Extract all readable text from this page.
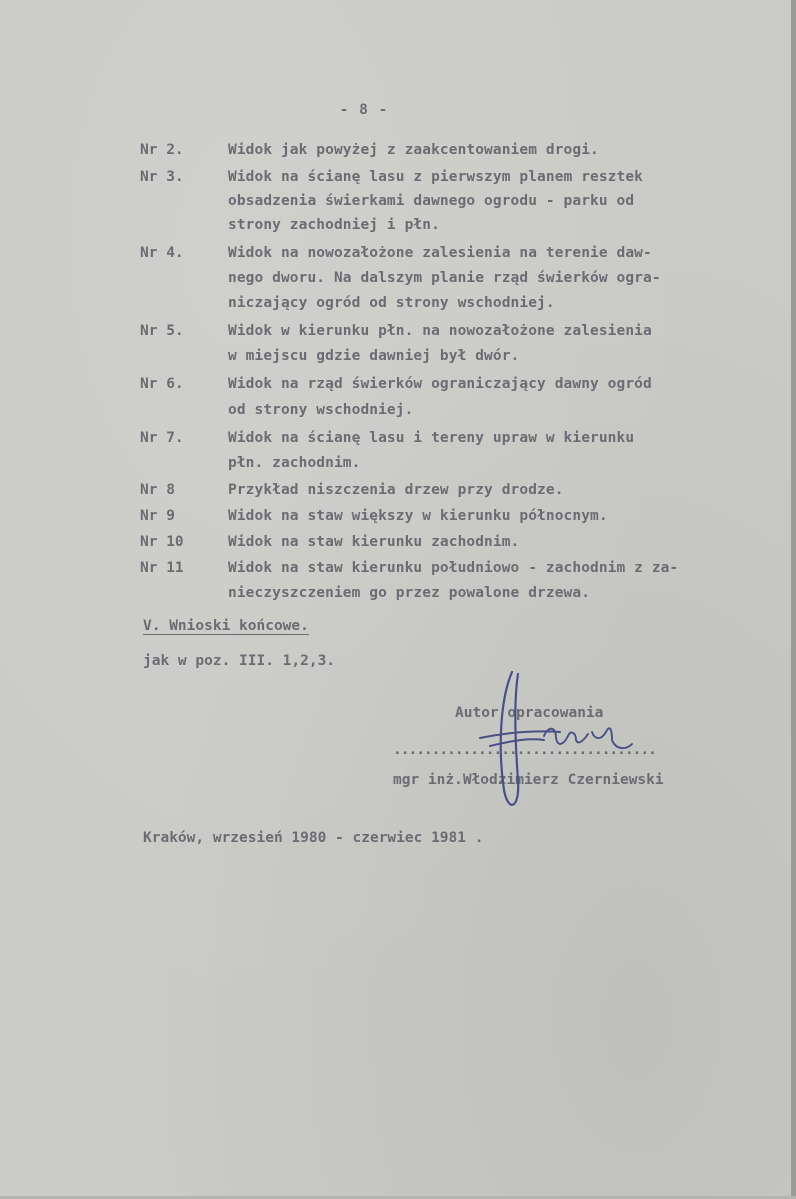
- 8 -
Nr 2.	Widok jak powyżej z zaakcentowaniem drogi.
Nr 3.	Widok na ścianę lasu z pierwszym planem resztek
obsadzenia świerkami dawnego ogrodu - parku od
strony zachodniej i płn.
Nr 4.	Widok na nowozałożone zalesienia na terenie daw-
nego dworu. Na dalszym planie rząd świerków ogra-
niczający ogród od strony wschodniej.
Nr 5.	Widok w kierunku płn. na nowozałożone zalesienia
w miejscu gdzie dawniej był dwór.
Nr 6.	Widok na rząd świerków ograniczający dawny ogród
od strony wschodniej.
Nr 7.	Widok na ścianę lasu i tereny upraw w kierunku
płn. zachodnim.
Nr 8	Przykład niszczenia drzew przy drodze.
Nr 9	Widok na staw większy w kierunku północnym.
Nr 10	Widok na staw kierunku zachodnim.
Nr 11	Widok na staw kierunku południowo - zachodnim z za-
nieczyszczeniem go przez powalone drzewa.
V. Wnioski końcowe.
jak w poz. III. 1,2,3.
Autor opracowania
..................................
mgr inż.Włodzimierz Czerniewski
Kraków, wrzesień 1980 - czerwiec 1981 .
